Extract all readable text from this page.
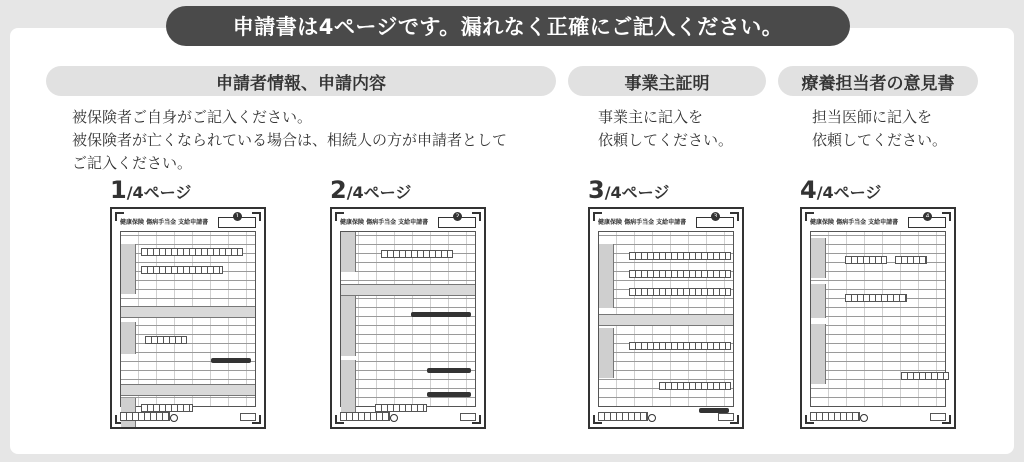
申請書は4ページです。漏れなく正確にご記入ください。
申請者情報、申請内容	事業主証明	療養担当者の意見書
被保険者ご自身がご記入ください。
被保険者が亡くなられている場合は、相続人の方が申請者として
ご記入ください。
事業主に記入を
依頼してください。
担当医師に記入を
依頼してください。
1/4ページ	2/4ページ	3/4ページ	4/4ページ
健康保険 傷病手当金 支給申請書
1
健康保険 傷病手当金 支給申請書
2
健康保険 傷病手当金 支給申請書
3
健康保険 傷病手当金 支給申請書
4
